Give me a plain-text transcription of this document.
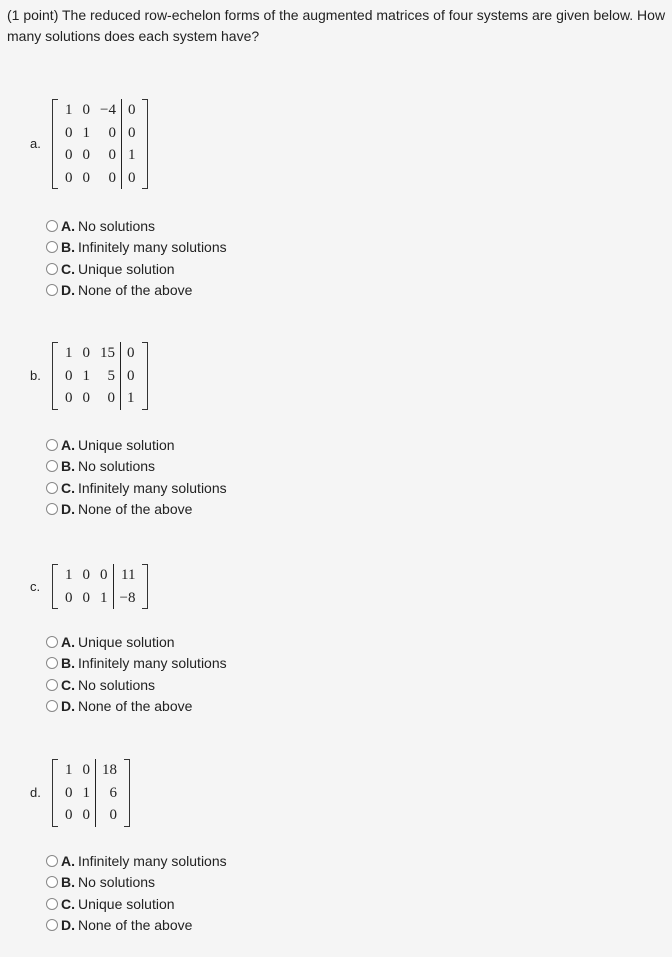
(1 point) The reduced row-echelon forms of the augmented matrices of four systems are given below. How many solutions does each system have?
a.
1	0	−4	0
0	1	0	0
0	0	0	1
0	0	0	0
A. No solutions
B. Infinitely many solutions
C. Unique solution
D. None of the above
b.
1	0	15	0
0	1	5	0
0	0	0	1
A. Unique solution
B. No solutions
C. Infinitely many solutions
D. None of the above
c.
1	0	0	11
0	0	1	−8
A. Unique solution
B. Infinitely many solutions
C. No solutions
D. None of the above
d.
1	0	18
0	1	6
0	0	0
A. Infinitely many solutions
B. No solutions
C. Unique solution
D. None of the above
